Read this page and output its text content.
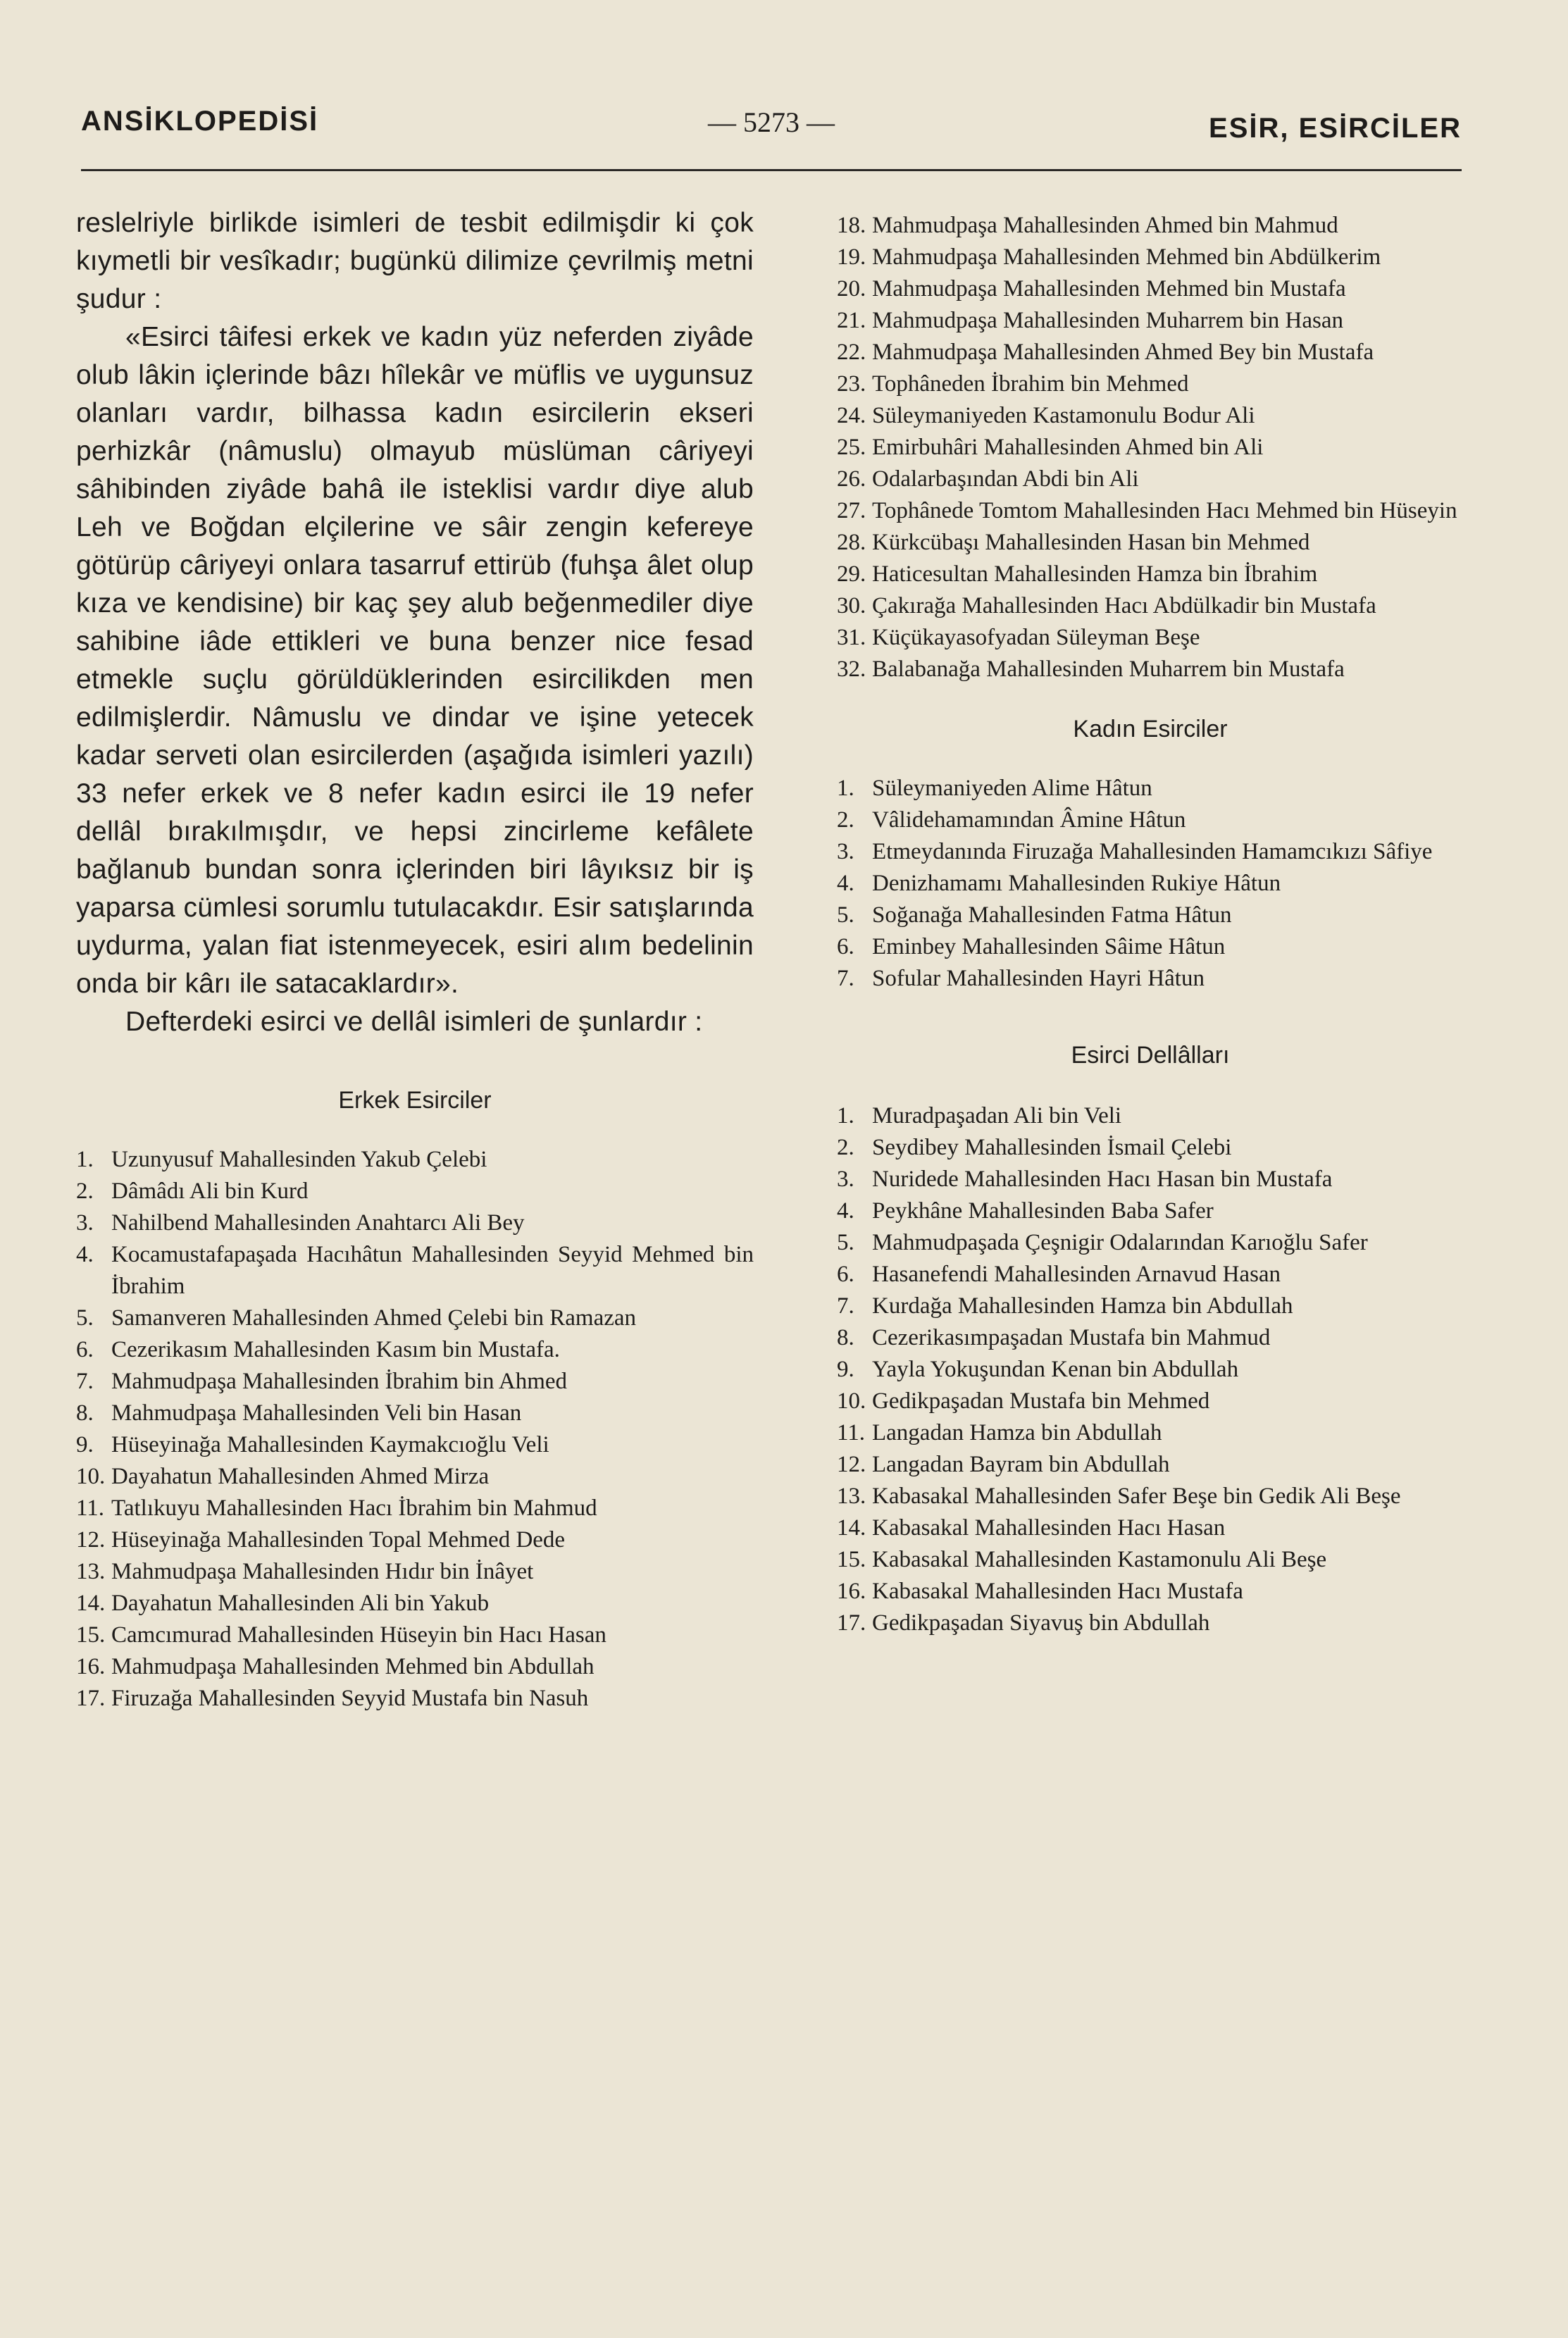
ANSİKLOPEDİSİ	— 5273 —	ESİR, ESİRCİLER

reslelriyle birlikde isimleri de tesbit edilmişdir ki çok kıymetli bir vesîkadır; bugünkü dilimize çevrilmiş metni şudur :

«Esirci tâifesi erkek ve kadın yüz neferden ziyâde olub lâkin içlerinde bâzı hîlekâr ve müflis ve uygunsuz olanları vardır, bilhassa kadın esircilerin ekseri perhizkâr (nâmuslu) olmayub müslüman câriyeyi sâhibinden ziyâde bahâ ile isteklisi vardır diye alub Leh ve Boğdan elçilerine ve sâir zengin kefereye götürüp câriyeyi onlara tasarruf ettirüb (fuhşa âlet olup kıza ve kendisine) bir kaç şey alub beğenmediler diye sahibine iâde ettikleri ve buna benzer nice fesad etmekle suçlu görüldüklerinden esircilikden men edilmişlerdir. Nâmuslu ve dindar ve işine yetecek kadar serveti olan esircilerden (aşağıda isimleri yazılı) 33 nefer erkek ve 8 nefer kadın esirci ile 19 nefer dellâl bırakılmışdır, ve hepsi zincirleme kefâlete bağlanub bundan sonra içlerinden biri lâyıksız bir iş yaparsa cümlesi sorumlu tutulacakdır. Esir satışlarında uydurma, yalan fiat istenmeyecek, esiri alım bedelinin onda bir kârı ile satacaklardır».

Defterdeki esirci ve dellâl isimleri de şunlardır :

Erkek Esirciler
1. Uzunyusuf Mahallesinden Yakub Çelebi
2. Dâmâdı Ali bin Kurd
3. Nahilbend Mahallesinden Anahtarcı Ali Bey
4. Kocamustafapaşada Hacıhâtun Mahallesinden Seyyid Mehmed bin İbrahim
5. Samanveren Mahallesinden Ahmed Çelebi bin Ramazan
6. Cezerikasım Mahallesinden Kasım bin Mustafa.
7. Mahmudpaşa Mahallesinden İbrahim bin Ahmed
8. Mahmudpaşa Mahallesinden Veli bin Hasan
9. Hüseyinağa Mahallesinden Kaymakcıoğlu Veli
10. Dayahatun Mahallesinden Ahmed Mirza
11. Tatlıkuyu Mahallesinden Hacı İbrahim bin Mahmud
12. Hüseyinağa Mahallesinden Topal Mehmed Dede
13. Mahmudpaşa Mahallesinden Hıdır bin İnâyet
14. Dayahatun Mahallesinden Ali bin Yakub
15. Camcımurad Mahallesinden Hüseyin bin Hacı Hasan
16. Mahmudpaşa Mahallesinden Mehmed bin Abdullah
17. Firuzağa Mahallesinden Seyyid Mustafa bin Nasuh
18. Mahmudpaşa Mahallesinden Ahmed bin Mahmud
19. Mahmudpaşa Mahallesinden Mehmed bin Abdülkerim
20. Mahmudpaşa Mahallesinden Mehmed bin Mustafa
21. Mahmudpaşa Mahallesinden Muharrem bin Hasan
22. Mahmudpaşa Mahallesinden Ahmed Bey bin Mustafa
23. Tophâneden İbrahim bin Mehmed
24. Süleymaniyeden Kastamonulu Bodur Ali
25. Emirbuhâri Mahallesinden Ahmed bin Ali
26. Odalarbaşından Abdi bin Ali
27. Tophânede Tomtom Mahallesinden Hacı Mehmed bin Hüseyin
28. Kürkcübaşı Mahallesinden Hasan bin Mehmed
29. Haticesultan Mahallesinden Hamza bin İbrahim
30. Çakırağa Mahallesinden Hacı Abdülkadir bin Mustafa
31. Küçükayasofyadan Süleyman Beşe
32. Balabanağa Mahallesinden Muharrem bin Mustafa
Kadın Esirciler
1. Süleymaniyeden Alime Hâtun
2. Vâlidehamamından Âmine Hâtun
3. Etmeydanında Firuzağa Mahallesinden Hamamcıkızı Sâfiye
4. Denizhamamı Mahallesinden Rukiye Hâtun
5. Soğanağa Mahallesinden Fatma Hâtun
6. Eminbey Mahallesinden Sâime Hâtun
7. Sofular Mahallesinden Hayri Hâtun
Esirci Dellâlları
1. Muradpaşadan Ali bin Veli
2. Seydibey Mahallesinden İsmail Çelebi
3. Nuridede Mahallesinden Hacı Hasan bin Mustafa
4. Peykhâne Mahallesinden Baba Safer
5. Mahmudpaşada Çeşnigir Odalarından Karıoğlu Safer
6. Hasanefendi Mahallesinden Arnavud Hasan
7. Kurdağa Mahallesinden Hamza bin Abdullah
8. Cezerikasımpaşadan Mustafa bin Mahmud
9. Yayla Yokuşundan Kenan bin Abdullah
10. Gedikpaşadan Mustafa bin Mehmed
11. Langadan Hamza bin Abdullah
12. Langadan Bayram bin Abdullah
13. Kabasakal Mahallesinden Safer Beşe bin Gedik Ali Beşe
14. Kabasakal Mahallesinden Hacı Hasan
15. Kabasakal Mahallesinden Kastamonulu Ali Beşe
16. Kabasakal Mahallesinden Hacı Mustafa
17. Gedikpaşadan Siyavuş bin Abdullah
